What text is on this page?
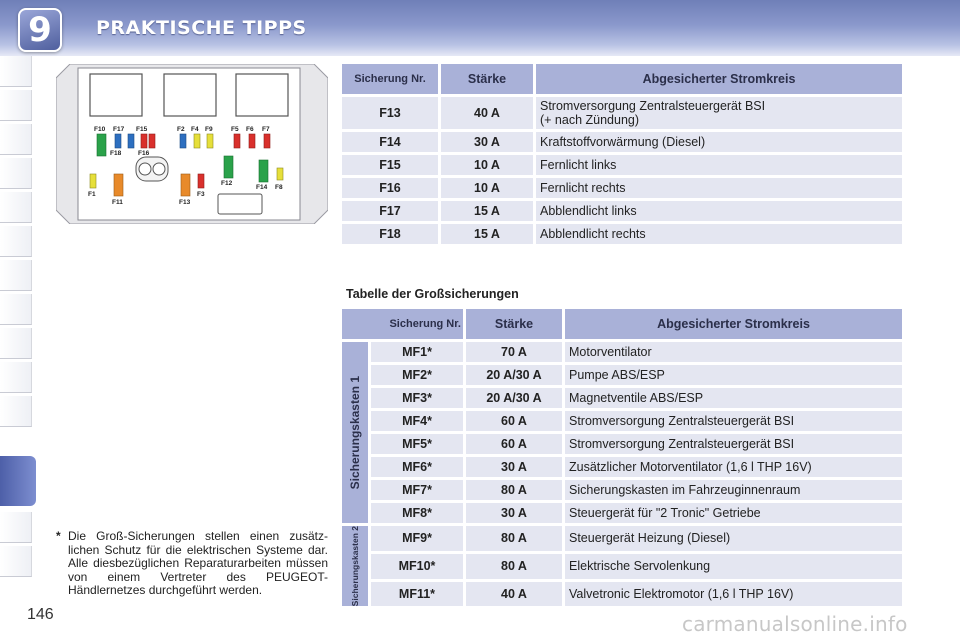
9	PRAKTISCHE TIPPS
F10 F17 F15	F2 F4 F9	F5 F6 F7
F18	F16
F1
F11	F13
F3
F12
F14 F8
Sicherung Nr.	Stärke	Abgesicherter Stromkreis
F13	40 A	Stromversorgung Zentralsteuergerät BSI
(+ nach Zündung)
F14	30 A	Kraftstoffvorwärmung (Diesel)
F15	10 A	Fernlicht links
F16	10 A	Fernlicht rechts
F17	15 A	Abblendlicht links
F18	15 A	Abblendlicht rechts
Tabelle der Großsicherungen
Sicherung Nr.		Stärke	Abgesicherter Stromkreis

Sicherungskasten 1	MF1*	70 A	Motorventilator
	MF2*	20 A/30 A	Pumpe ABS/ESP
	MF3*	20 A/30 A	Magnetventile ABS/ESP
	MF4*	60 A	Stromversorgung Zentralsteuergerät BSI
	MF5*	60 A	Stromversorgung Zentralsteuergerät BSI
	MF6*	30 A	Zusätzlicher Motorventilator (1,6 l THP 16V)
	MF7*	80 A	Sicherungskasten im Fahrzeuginnenraum
	MF8*	30 A	Steuergerät für "2 Tronic" Getriebe

Sicherungskasten 2	MF9*	80 A	Steuergerät Heizung (Diesel)
	MF10*	80 A	Elektrische Servolenkung
	MF11*	40 A	Valvetronic Elektromotor (1,6 l THP 16V)
* Die Groß-Sicherungen stellen einen zusätz-lichen Schutz für die elektrischen Systeme dar. Alle diesbezüglichen Reparaturarbeiten müssen von einem Vertreter des PEUGEOT-Händlernetzes durchgeführt werden.
146	carmanualsonline.info
